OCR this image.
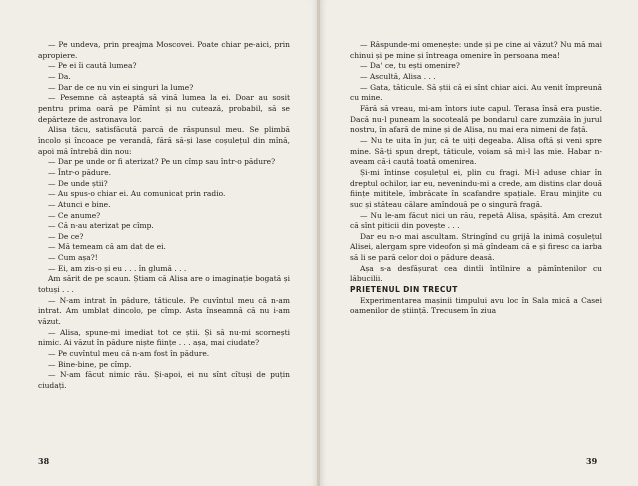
— Pe undeva, prin preajma Moscovei. Poate chiar pe-aici, prin apropiere.

— Pe ei îi caută lumea?

— Da.

— Dar de ce nu vin ei singuri la lume?

— Pesemne că așteaptă să vină lumea la ei. Doar au sosit pentru prima oară pe Pămînt și nu cutează, probabil, să se depărteze de astronava lor.

Alisa tăcu, satisfăcută parcă de răspunsul meu. Se plimbă încolo și încoace pe verandă, fără să-și lase coșulețul din mînă, apoi mă întrebă din nou:

— Dar pe unde or fi aterizat? Pe un cîmp sau într-o pădure?

— Într-o pădure.

— De unde știi?

— Au spus-o chiar ei. Au comunicat prin radio.

— Atunci e bine.

— Ce anume?

— Că n-au aterizat pe cîmp.

— De ce?

— Mă temeam că am dat de ei.

— Cum așa?!

— Ei, am zis-o și eu . . . în glumă . . .

Am sărit de pe scaun. Știam că Alisa are o imaginație bogată și totuși . . .

— N-am intrat în pădure, tăticule. Pe cuvîntul meu că n-am intrat. Am umblat dincolo, pe cîmp. Asta înseamnă că nu i-am văzut.

— Alisa, spune-mi imediat tot ce știi. Și să nu-mi scornești nimic. Ai văzut în pădure niște ființe . . . așa, mai ciudate?

— Pe cuvîntul meu că n-am fost în pădure.

— Bine-bine, pe cîmp.

— N-am făcut nimic rău. Și-apoi, ei nu sînt cîtuși de puțin ciudați.

38

— Răspunde-mi omenește: unde și pe cine ai văzut? Nu mă mai chinui și pe mine și întreaga omenire în persoana mea!

— Da' ce, tu ești omenire?

— Ascultă, Alisa . . .

— Gata, tăticule. Să știi că ei sînt chiar aici. Au venit împreună cu mine.

Fără să vreau, mi-am întors iute capul. Terasa însă era pustie. Dacă nu-l puneam la socoteală pe bondarul care zumzăia în jurul nostru, în afară de mine și de Alisa, nu mai era nimeni de față.

— Nu te uita în jur, că te uiți degeaba. Alisa oftă și veni spre mine. Să-ți spun drept, tăticule, voiam să mi-l las mie. Habar n-aveam că-i caută toată omenirea.

Și-mi întinse coșulețul ei, plin cu fragi. Mi-l aduse chiar în dreptul ochilor, iar eu, nevenindu-mi a crede, am distins clar două ființe mititele, îmbrăcate în scafandre spațiale. Erau minjite cu suc și stăteau călare amîndouă pe o singură fragă.

— Nu le-am făcut nici un rău, repetă Alisa, spășită. Am crezut că sînt piticii din povește . . .

Dar eu n-o mai ascultam. Stringînd cu grijă la inimă coșulețul Alisei, alergam spre videofon și mă gîndeam că e și firesc ca iarba să li se pară celor doi o pădure deasă.

Așa s-a desfășurat cea dintîi întîlnire a pămîntenilor cu lăbucilii.

PRIETENUL DIN TRECUT

Experimentarea mașinii timpului avu loc în Sala mică a Casei oamenilor de știință. Trecusem în ziua

39
